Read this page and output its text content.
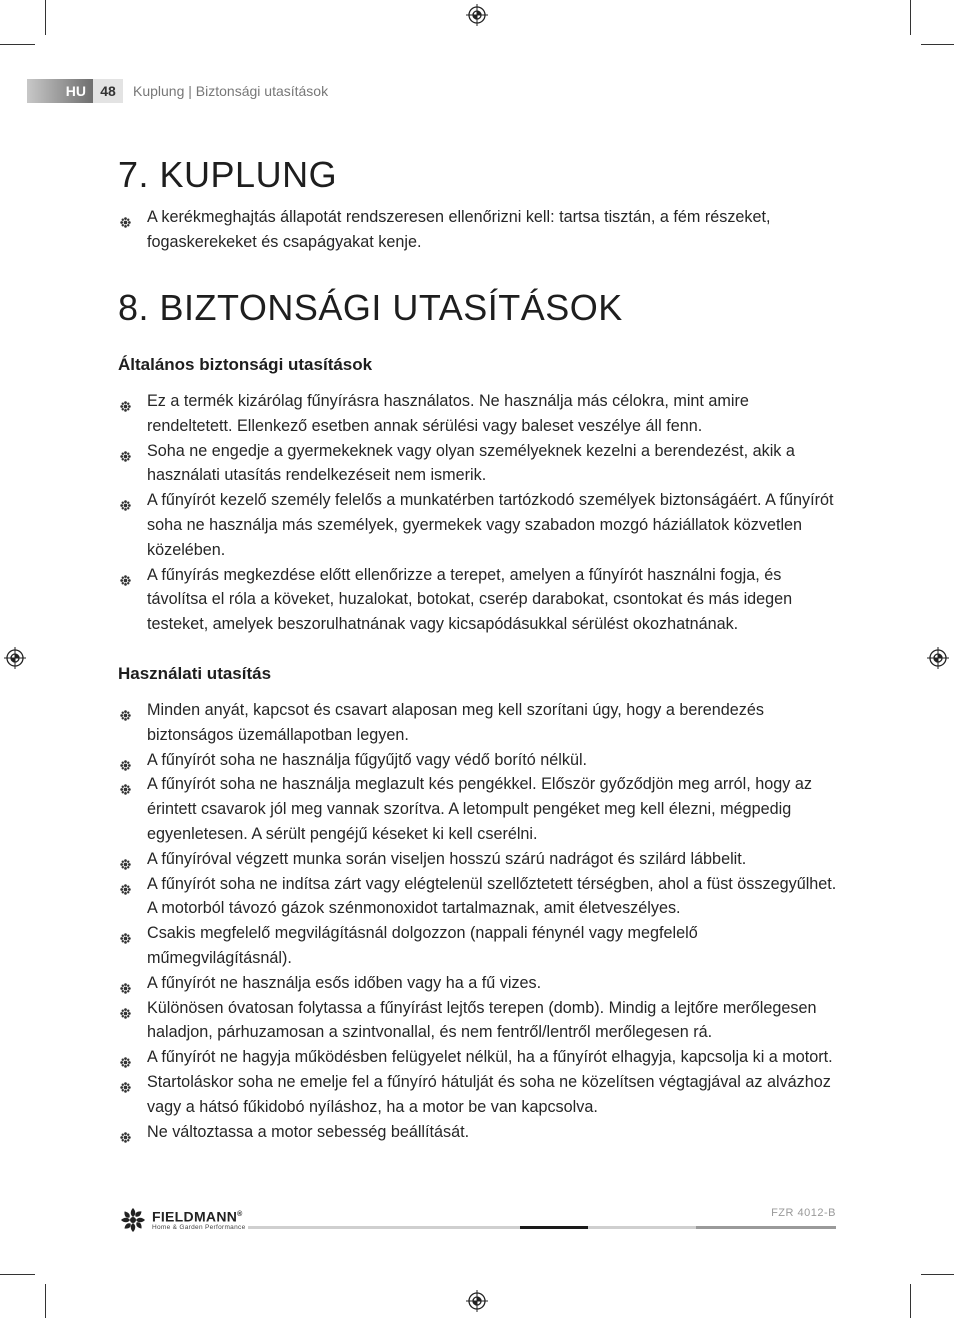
HU	48	Kuplung | Biztonsági utasítások
7. KUPLUNG
A kerékmeghajtás állapotát rendszeresen ellenőrizni kell: tartsa tisztán, a fém részeket, fogaskerekeket és csapágyakat kenje.
8. BIZTONSÁGI UTASÍTÁSOK
Általános biztonsági utasítások
Ez a termék kizárólag fűnyírásra használatos. Ne használja más célokra, mint amire rendeltetett. Ellenkező esetben annak sérülési vagy baleset veszélye áll fenn.
Soha ne engedje a gyermekeknek vagy olyan személyeknek kezelni a berendezést, akik a használati utasítás rendelkezéseit nem ismerik.
A fűnyírót kezelő személy felelős a munkatérben tartózkodó személyek biztonságáért. A fűnyírót soha ne használja más személyek, gyermekek vagy szabadon mozgó háziállatok közvetlen közelében.
A fűnyírás megkezdése előtt ellenőrizze a terepet, amelyen a fűnyírót használni fogja, és távolítsa el róla a köveket, huzalokat, botokat, cserép darabokat, csontokat és más idegen testeket, amelyek beszorulhatnának vagy kicsapódásukkal sérülést okozhatnának.
Használati utasítás
Minden anyát, kapcsot és csavart alaposan meg kell szorítani úgy, hogy a berendezés biztonságos üzemállapotban legyen.
A fűnyírót soha ne használja fűgyűjtő vagy védő borító nélkül.
A fűnyírót soha ne használja meglazult kés pengékkel. Először győződjön meg arról, hogy az érintett csavarok jól meg vannak szorítva. A letompult pengéket meg kell élezni, mégpedig egyenletesen. A sérült pengéjű késeket ki kell cserélni.
A fűnyíróval végzett munka során viseljen hosszú szárú nadrágot és szilárd lábbelit.
A fűnyírót soha ne indítsa zárt vagy elégtelenül szellőztetett térségben, ahol a füst összegyűlhet. A motorból távozó gázok szénmonoxidot tartalmaznak, amit életveszélyes.
Csakis megfelelő megvilágításnál dolgozzon (nappali fénynél vagy megfelelő műmegvilágításnál).
A fűnyírót ne használja esős időben vagy ha a fű vizes.
Különösen óvatosan folytassa a fűnyírást lejtős terepen (domb). Mindig a lejtőre merőlegesen haladjon, párhuzamosan a szintvonallal, és nem fentről/lentről merőlegesen rá.
A fűnyírót ne hagyja működésben felügyelet nélkül, ha a fűnyírót elhagyja, kapcsolja ki a motort.
Startoláskor soha ne emelje fel a fűnyíró hátulját és soha ne közelítsen végtagjával az alvázhoz vagy a hátsó fűkidobó nyíláshoz, ha a motor be van kapcsolva.
Ne változtassa a motor sebesség beállítását.
FIELDMANN®
Home & Garden Performance
FZR 4012-B
